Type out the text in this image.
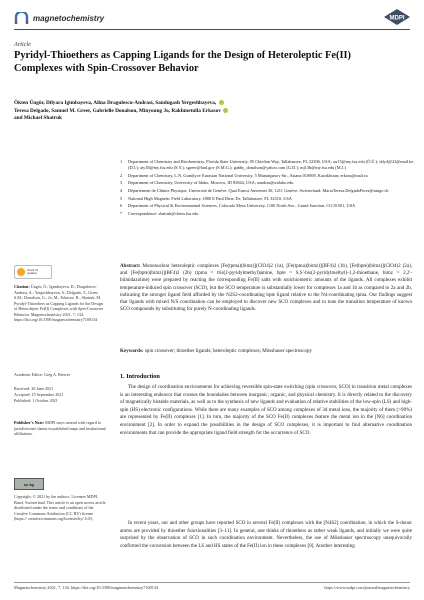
magnetochemistry	MDPI
Article
Pyridyl-Thioethers as Capping Ligands for the Design of Heteroleptic Fe(II) Complexes with Spin-Crossover Behavior

Ökten Üngör, Dilyara Igimbayeva, Alina Dragulescu-Andrasi, Sandugash Yergeshbayeva,
Teresa Delgado, Samuel M. Greer, Gabrielle Donalson, Minyoung Jo, Rakhmetulla Erkasov
and Michael Shatruk

1	Department of Chemistry and Biochemistry, Florida State University, 95 Chieftan Way, Tallahassee, FL 32306, USA; ou15@my.fsu.edu (Ö.Ü.); ddy4@22@mail.kz (D.I.); aiy18@my.fsu.edu (S.Y.); sgreer@lanl.gov (S.M.G.); gabby_donalson@yahoo.com (G.D.); mj13b@my.fsu.edu (M.J.)
2	Department of Chemistry, L.N. Gumilyov Eurasian National University, 5 Munaitpasov Str., Astana 010008, Kazakhstan; erkass@mail.ru
3	Department of Chemistry, University of Idaho, Moscow, ID 83844, USA; aandras@uidaho.edu
4	Département de Chimie Physique, Université de Genève, Quai Ernest Ansermet 30, 1211 Genève, Switzerland; MariaTeresa.DelgadoPerez@unige.ch
5	National High Magnetic Field Laboratory, 1800 E Paul Dirac Dr, Tallahassee, FL 32310, USA
6	Department of Physical & Environmental Sciences, Colorado Mesa University, 1100 North Ave., Grand Junction, CO 81501, USA
*	Correspondence: shatruk@chem.fsu.edu
check for updates

Citation: Üngör, Ö.; Igimbayeva, D.; Dragulescu-Andrasi, A.; Yergeshbayeva, S.; Delgado, T.; Greer, S.M.; Donalson, G.; Jo, M.; Erkasov, R.; Shatruk, M. Pyridyl-Thioethers as Capping Ligands for the Design of Heteroleptic Fe(II) Complexes with Spin-Crossover Behavior. Magnetochemistry 2021, 7, 134. https://doi.org/10.3390/magnetochemistry7100134

Academic Editor: Greg A. Brewer

Received: 26 June 2021

Accepted: 15 September 2021

Published: 1 October 2021

Publisher's Note: MDPI stays neutral with regard to jurisdictional claims in published maps and institutional affiliations.

cc by

Copyright: © 2021 by the authors. Licensee MDPI, Basel, Switzerland. This article is an open access article distributed under the terms and conditions of the Creative Commons Attribution (CC BY) license (https:// creativecommons.org/licenses/by/ 4.0/).

Abstract: Mononuclear heteroleptic complexes [Fe(tpma)(bimz)](ClO4)2 (1a), [Fe(tpma)(bimz)](BF4)2 (1b), [Fe(bpte)(bimz)](ClO4)2 (2a), and [Fe(bpte)(bimz)](BF4)2 (2b) (tpma = tris(2-pyridylmethyl)amine, bpte = S,S'-bis(2-pyridylmethyl)-1,2-thioethane, bimz = 2,2'-biimidazoline) were prepared by reacting the corresponding Fe(II) salts with stoichiometric amounts of the ligands. All complexes exhibit temperature-induced spin crossover (SCO), but the SCO temperature is substantially lower for complexes 1a and 1b as compared to 2a and 2b, indicating the stronger ligand field afforded by the N2S2-coordinating bpte ligand relative to the N4-coordinating tpma. Our findings suggest that ligands with mixed N/S coordination can be employed to discover new SCO complexes and to tune the transition temperature of known SCO compounds by substituting for purely N-coordinating ligands.

Keywords: spin crossover; thioether ligands; heteroleptic complexes; Mössbauer spectroscopy

1. Introduction

The design of coordination environments for achieving reversible spin-state switching (spin crossover, SCO) in transition metal complexes is an interesting endeavor that crosses the boundaries between inorganic, organic, and physical chemistry. It is directly related to the discovery of magnetically bistable materials, as well as to the synthesis of new ligands and evaluation of relative stabilities of the low-spin (LS) and high-spin (HS) electronic configurations. While there are many examples of SCO among complexes of 3d metal ions, the majority of them (>90%) are represented by Fe(II) complexes [1]. In turn, the majority of the SCO Fe(II) complexes feature the metal ion in the [N6] coordination environment [2]. In order to expand the possibilities in the design of SCO complexes, it is important to find alternative coordination environments that can provide the appropriate ligand field strength for the occurrence of SCO.

In recent years, our and other groups have reported SCO in several Fe(II) complexes with the [N4S2] coordination, in which the S-donor atoms are provided by thioether functionalities [3–11]. In general, one thinks of thioethers as rather weak ligands, and initially we were quite surprised by the observation of SCO in such coordination environment. Nevertheless, the use of Mössbauer spectroscopy unequivocally confirmed the conversion between the LS and HS states of the Fe(II) ion in these complexes [8]. Another interesting

Magnetochemistry 2021, 7, 134. https://doi.org/10.3390/magnetochemistry7100134	https://www.mdpi.com/journal/magnetochemistry
